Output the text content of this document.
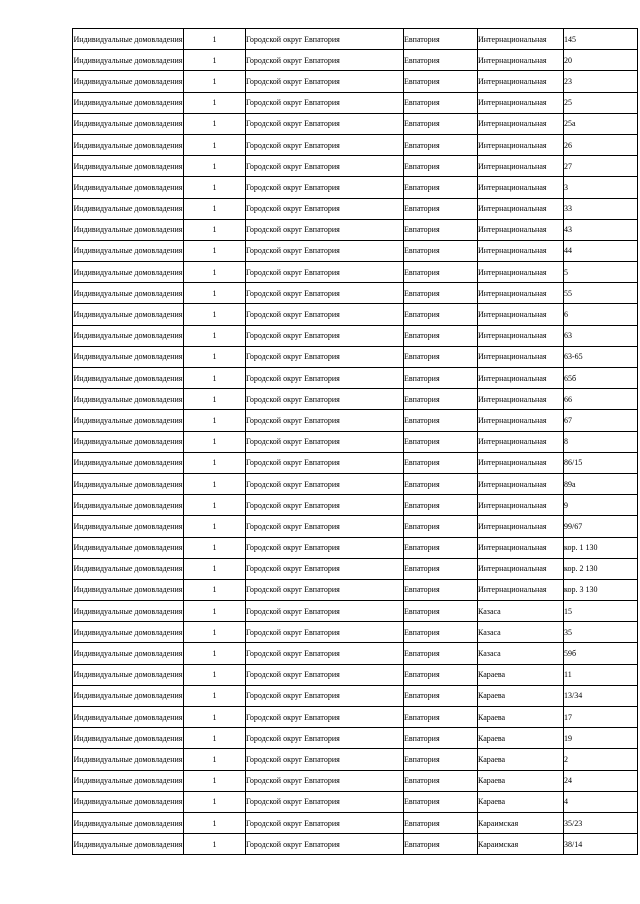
Индивидуальные домовладения	1	Городской округ Евпатория	Евпатория	Интернациональная	145
Индивидуальные домовладения	1	Городской округ Евпатория	Евпатория	Интернациональная	20
Индивидуальные домовладения	1	Городской округ Евпатория	Евпатория	Интернациональная	23
Индивидуальные домовладения	1	Городской округ Евпатория	Евпатория	Интернациональная	25
Индивидуальные домовладения	1	Городской округ Евпатория	Евпатория	Интернациональная	25а
Индивидуальные домовладения	1	Городской округ Евпатория	Евпатория	Интернациональная	26
Индивидуальные домовладения	1	Городской округ Евпатория	Евпатория	Интернациональная	27
Индивидуальные домовладения	1	Городской округ Евпатория	Евпатория	Интернациональная	3
Индивидуальные домовладения	1	Городской округ Евпатория	Евпатория	Интернациональная	33
Индивидуальные домовладения	1	Городской округ Евпатория	Евпатория	Интернациональная	43
Индивидуальные домовладения	1	Городской округ Евпатория	Евпатория	Интернациональная	44
Индивидуальные домовладения	1	Городской округ Евпатория	Евпатория	Интернациональная	5
Индивидуальные домовладения	1	Городской округ Евпатория	Евпатория	Интернациональная	55
Индивидуальные домовладения	1	Городской округ Евпатория	Евпатория	Интернациональная	6
Индивидуальные домовладения	1	Городской округ Евпатория	Евпатория	Интернациональная	63
Индивидуальные домовладения	1	Городской округ Евпатория	Евпатория	Интернациональная	63-65
Индивидуальные домовладения	1	Городской округ Евпатория	Евпатория	Интернациональная	65б
Индивидуальные домовладения	1	Городской округ Евпатория	Евпатория	Интернациональная	66
Индивидуальные домовладения	1	Городской округ Евпатория	Евпатория	Интернациональная	67
Индивидуальные домовладения	1	Городской округ Евпатория	Евпатория	Интернациональная	8
Индивидуальные домовладения	1	Городской округ Евпатория	Евпатория	Интернациональная	86/15
Индивидуальные домовладения	1	Городской округ Евпатория	Евпатория	Интернациональная	89а
Индивидуальные домовладения	1	Городской округ Евпатория	Евпатория	Интернациональная	9
Индивидуальные домовладения	1	Городской округ Евпатория	Евпатория	Интернациональная	99/67
Индивидуальные домовладения	1	Городской округ Евпатория	Евпатория	Интернациональная	кор. 1 130
Индивидуальные домовладения	1	Городской округ Евпатория	Евпатория	Интернациональная	кор. 2 130
Индивидуальные домовладения	1	Городской округ Евпатория	Евпатория	Интернациональная	кор. 3 130
Индивидуальные домовладения	1	Городской округ Евпатория	Евпатория	Казаса	15
Индивидуальные домовладения	1	Городской округ Евпатория	Евпатория	Казаса	35
Индивидуальные домовладения	1	Городской округ Евпатория	Евпатория	Казаса	59б
Индивидуальные домовладения	1	Городской округ Евпатория	Евпатория	Караева	11
Индивидуальные домовладения	1	Городской округ Евпатория	Евпатория	Караева	13/34
Индивидуальные домовладения	1	Городской округ Евпатория	Евпатория	Караева	17
Индивидуальные домовладения	1	Городской округ Евпатория	Евпатория	Караева	19
Индивидуальные домовладения	1	Городской округ Евпатория	Евпатория	Караева	2
Индивидуальные домовладения	1	Городской округ Евпатория	Евпатория	Караева	24
Индивидуальные домовладения	1	Городской округ Евпатория	Евпатория	Караева	4
Индивидуальные домовладения	1	Городской округ Евпатория	Евпатория	Караимская	35/23
Индивидуальные домовладения	1	Городской округ Евпатория	Евпатория	Караимская	38/14
